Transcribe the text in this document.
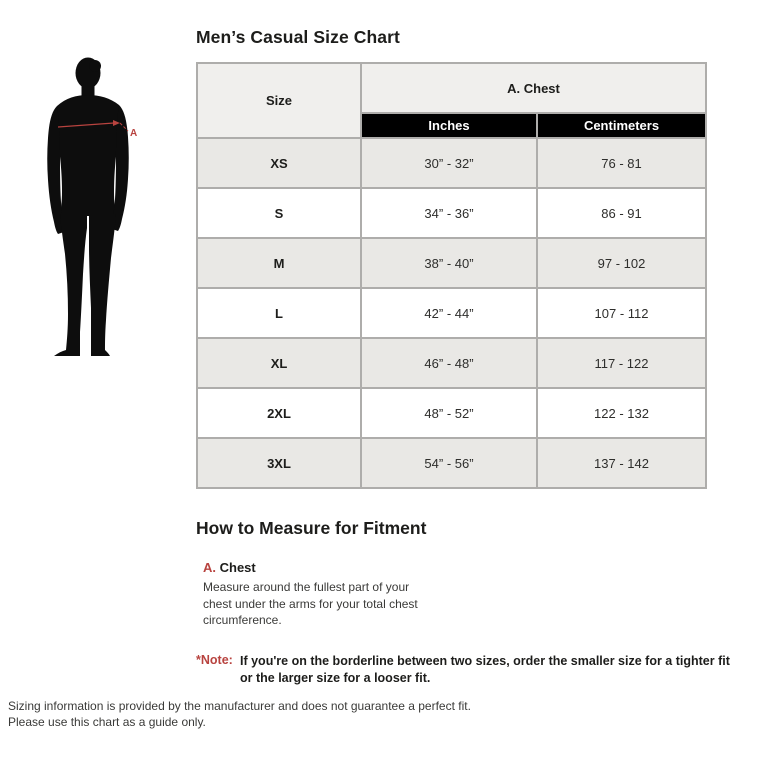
A
Men’s Casual Size Chart
Size	A. Chest	
	Inches	Centimeters
XS	30” - 32”	76 - 81
S	34” - 36”	86 - 91
M	38” - 40”	97 - 102
L	42” - 44”	107 - 112
XL	46” - 48”	117 - 122
2XL	48” - 52”	122 - 132
3XL	54” - 56”	137 - 142
How to Measure for Fitment
A. Chest
Measure around the fullest part of your chest under the arms for your total chest circumference.
*Note: If you're on the borderline between two sizes, order the smaller size for a tighter fit or the larger size for a looser fit.
Sizing information is provided by the manufacturer and does not guarantee a perfect fit.
Please use this chart as a guide only.
